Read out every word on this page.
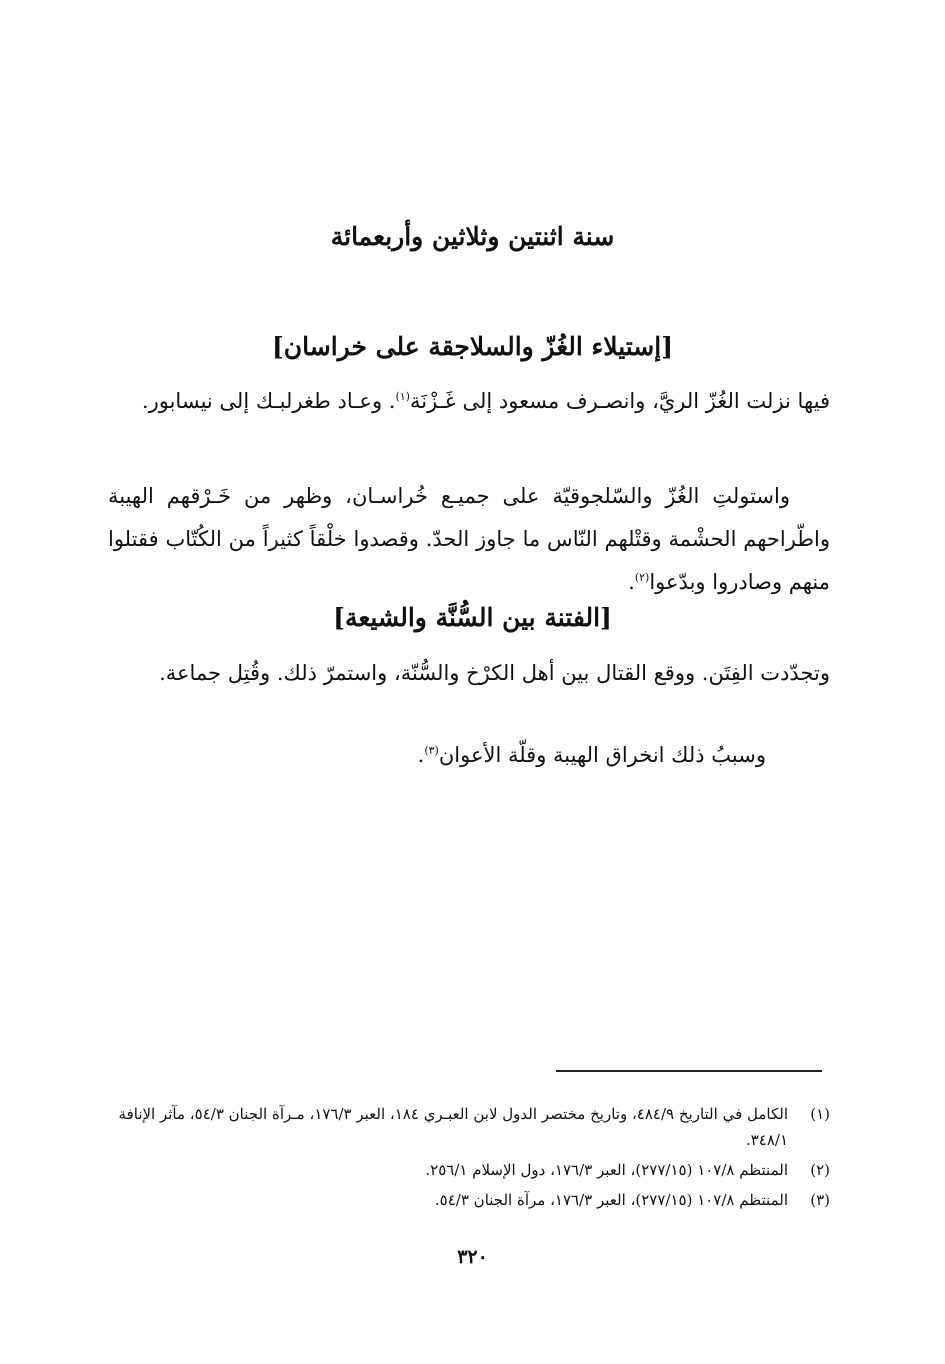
سنة اثنتين وثلاثين وأربعمائة
[إستيلاء الغُزّ والسلاجقة على خراسان]
فيها نزلت الغُزّ الريَّ، وانصـرف مسعود إلى غَـزْنَة$^{(١)}$. وعـاد طغرلبـك إلى نيسابور.
واستولتِ الغُزّ والسّلجوقيّة على جميـع خُراسـان، وظهر من خَـرْقهم الهيبة واطّراحهم الحشْمة وقتْلهم النّاس ما جاوز الحدّ. وقصدوا خلْقاً كثيراً من الكُتّاب فقتلوا منهم وصادروا وبدّعوا$^{(٢)}$.
[الفتنة بين السُّنَّة والشيعة]
وتجدّدت الفِتَن. ووقع القتال بين أهل الكرْخ والسُّنّة، واستمرّ ذلك. وقُتِل جماعة.
وسببُ ذلك انخراق الهيبة وقلّة الأعوان$^{(٣)}$.
(١)
الكامل في التاريخ ٤٨٤/٩، وتاريخ مختصر الدول لابن العبـري ١٨٤، العبر ١٧٦/٣، مـرآة الجنان ٥٤/٣، مآثر الإنافة ٣٤٨/١.
(٢)
المنتظم ١٠٧/٨ (٢٧٧/١٥)، العبر ١٧٦/٣، دول الإسلام ٢٥٦/١.
(٣)
المنتظم ١٠٧/٨ (٢٧٧/١٥)، العبر ١٧٦/٣، مرآة الجنان ٥٤/٣.
٣٢٠
